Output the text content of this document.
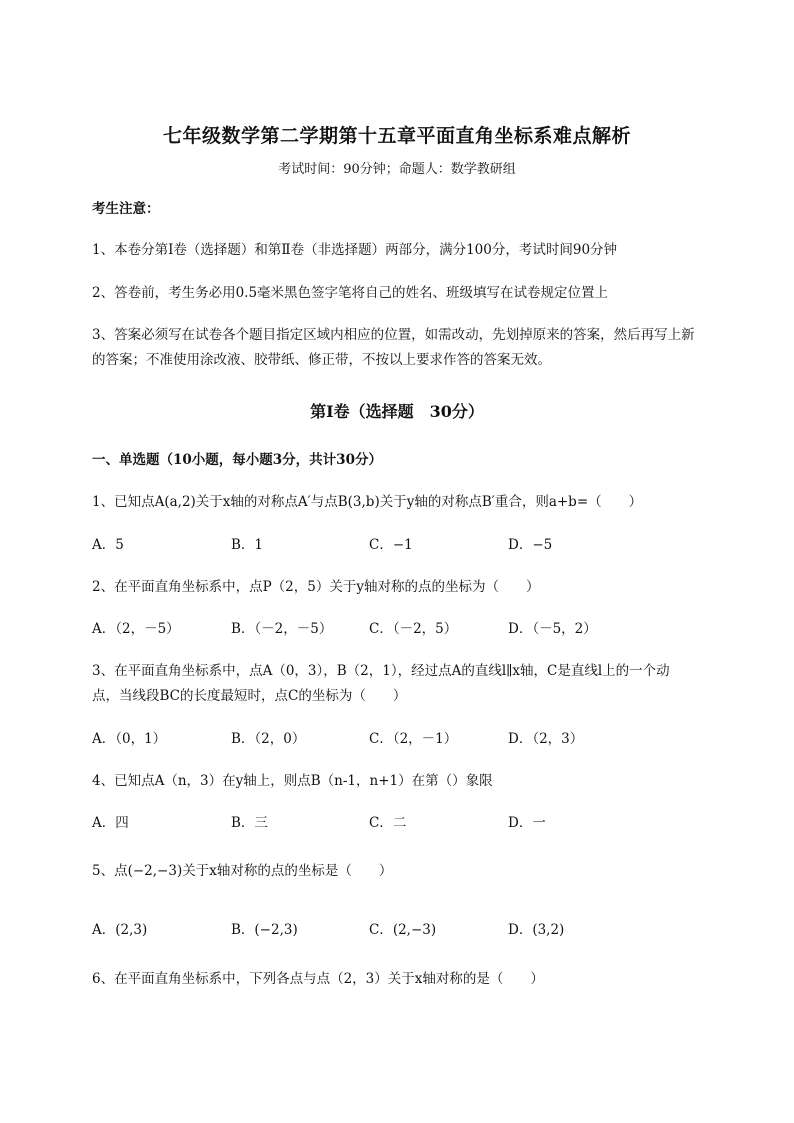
七年级数学第二学期第十五章平面直角坐标系难点解析
考试时间：90分钟；命题人：数学教研组
考生注意：
1、本卷分第I卷（选择题）和第Ⅱ卷（非选择题）两部分，满分100分，考试时间90分钟
2、答卷前，考生务必用0.5毫米黑色签字笔将自己的姓名、班级填写在试卷规定位置上
3、答案必须写在试卷各个题目指定区域内相应的位置，如需改动，先划掉原来的答案，然后再写上新
的答案；不准使用涂改液、胶带纸、修正带，不按以上要求作答的答案无效。
第I卷（选择题　30分）
一、单选题（10小题，每小题3分，共计30分）
1、已知点A(a,2)关于x轴的对称点A′与点B(3,b)关于y轴的对称点B′重合，则a+b=（　　）
A．5	B．1	C．−1	D．−5
2、在平面直角坐标系中，点P（2，5）关于y轴对称的点的坐标为（　　）
A．（2，－5）	B．（－2，－5）	C．（－2，5）	D．（－5，2）
3、在平面直角坐标系中，点A（0，3），B（2，1），经过点A的直线l∥x轴，C是直线l上的一个动
点，当线段BC的长度最短时，点C的坐标为（　　）
A．（0，1）	B．（2，0）	C．（2，－1）	D．（2，3）
4、已知点A（n，3）在y轴上，则点B（n-1，n+1）在第（）象限
A．四	B．三	C．二	D．一
5、点(−2,−3)关于x轴对称的点的坐标是（　　）
A．(2,3)	B．(−2,3)	C．(2,−3)	D．(3,2)
6、在平面直角坐标系中，下列各点与点（2，3）关于x轴对称的是（　　）
